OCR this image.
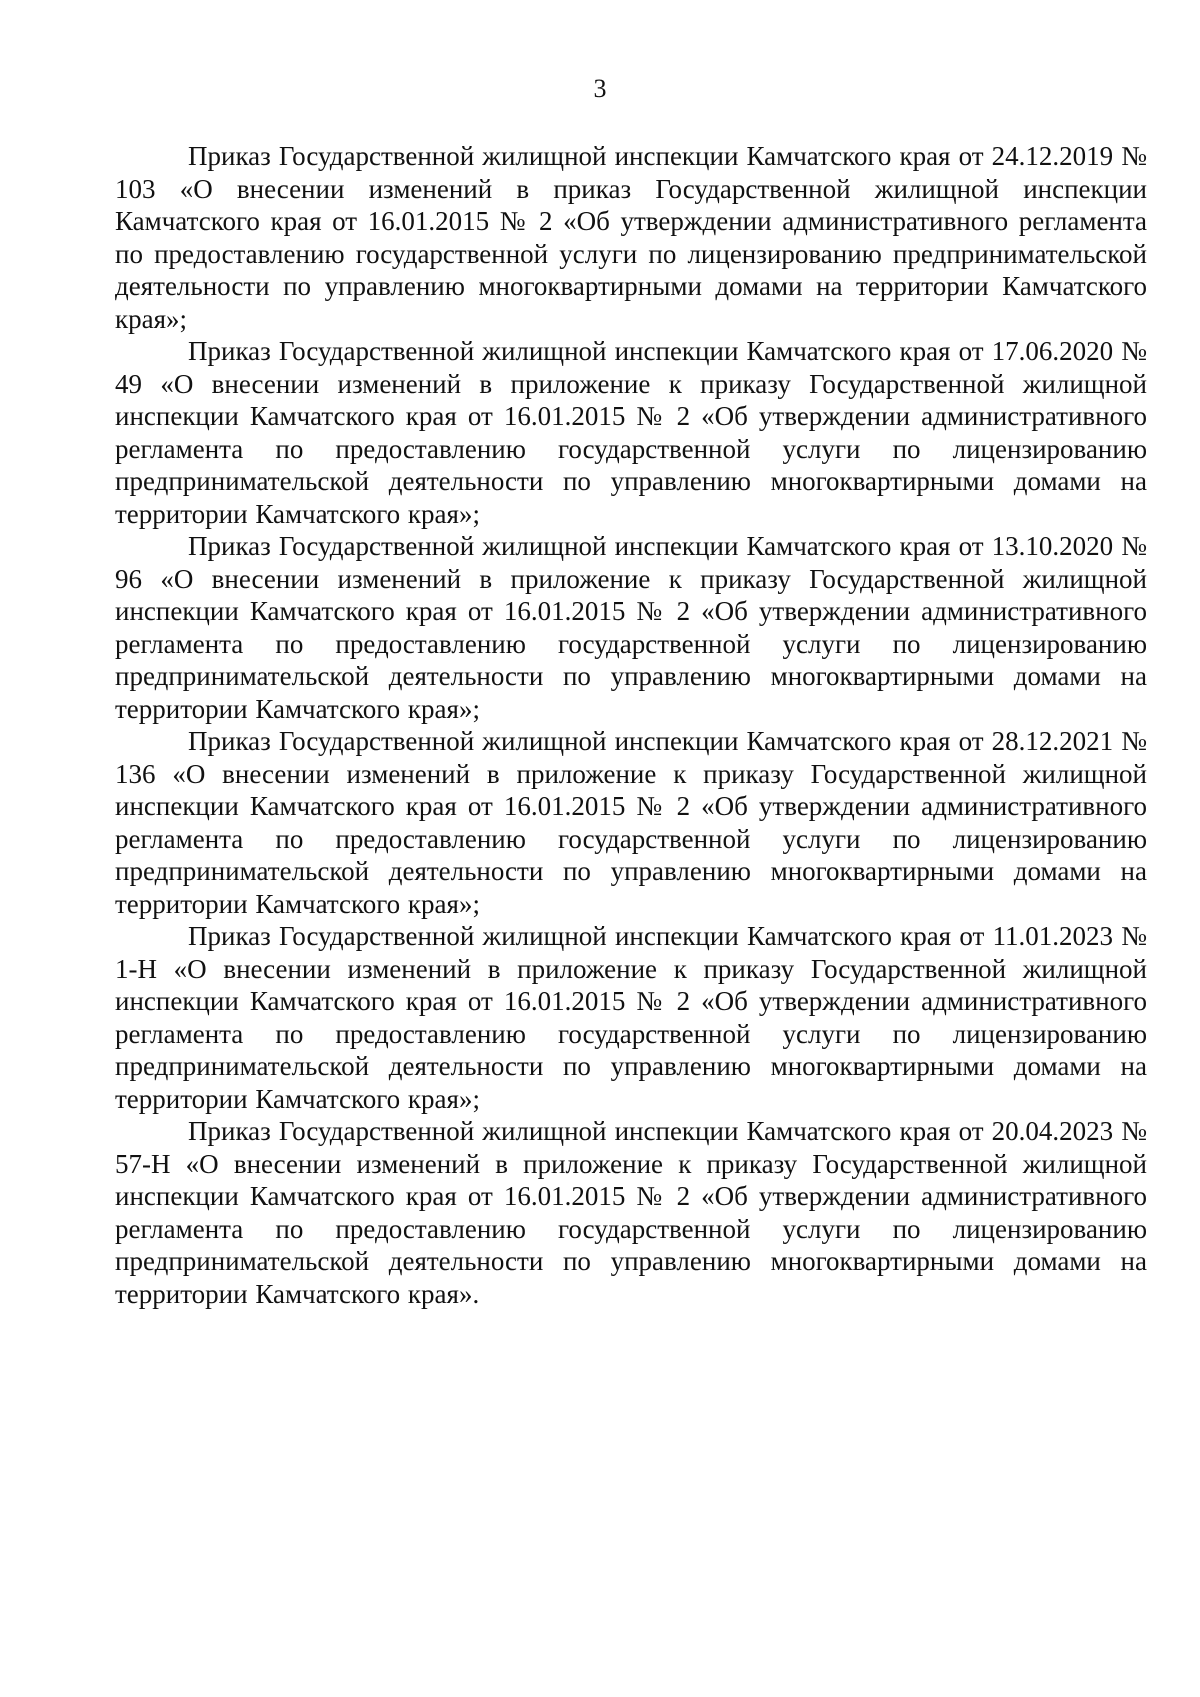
3

Приказ Государственной жилищной инспекции Камчатского края от 24.12.2019 № 103 «О внесении изменений в приказ Государственной жилищной инспекции Камчатского края от 16.01.2015 № 2 «Об утверждении административного регламента по предоставлению государственной услуги по лицензированию предпринимательской деятельности по управлению многоквартирными домами на территории Камчатского края»;

Приказ Государственной жилищной инспекции Камчатского края от 17.06.2020 № 49 «О внесении изменений в приложение к приказу Государственной жилищной инспекции Камчатского края от 16.01.2015 № 2 «Об утверждении административного регламента по предоставлению государственной услуги по лицензированию предпринимательской деятельности по управлению многоквартирными домами на территории Камчатского края»;

Приказ Государственной жилищной инспекции Камчатского края от 13.10.2020 № 96 «О внесении изменений в приложение к приказу Государственной жилищной инспекции Камчатского края от 16.01.2015 № 2 «Об утверждении административного регламента по предоставлению государственной услуги по лицензированию предпринимательской деятельности по управлению многоквартирными домами на территории Камчатского края»;

Приказ Государственной жилищной инспекции Камчатского края от 28.12.2021 № 136 «О внесении изменений в приложение к приказу Государственной жилищной инспекции Камчатского края от 16.01.2015 № 2 «Об утверждении административного регламента по предоставлению государственной услуги по лицензированию предпринимательской деятельности по управлению многоквартирными домами на территории Камчатского края»;

Приказ Государственной жилищной инспекции Камчатского края от 11.01.2023 № 1-Н «О внесении изменений в приложение к приказу Государственной жилищной инспекции Камчатского края от 16.01.2015 № 2 «Об утверждении административного регламента по предоставлению государственной услуги по лицензированию предпринимательской деятельности по управлению многоквартирными домами на территории Камчатского края»;

Приказ Государственной жилищной инспекции Камчатского края от 20.04.2023 № 57-Н «О внесении изменений в приложение к приказу Государственной жилищной инспекции Камчатского края от 16.01.2015 № 2 «Об утверждении административного регламента по предоставлению государственной услуги по лицензированию предпринимательской деятельности по управлению многоквартирными домами на территории Камчатского края».
